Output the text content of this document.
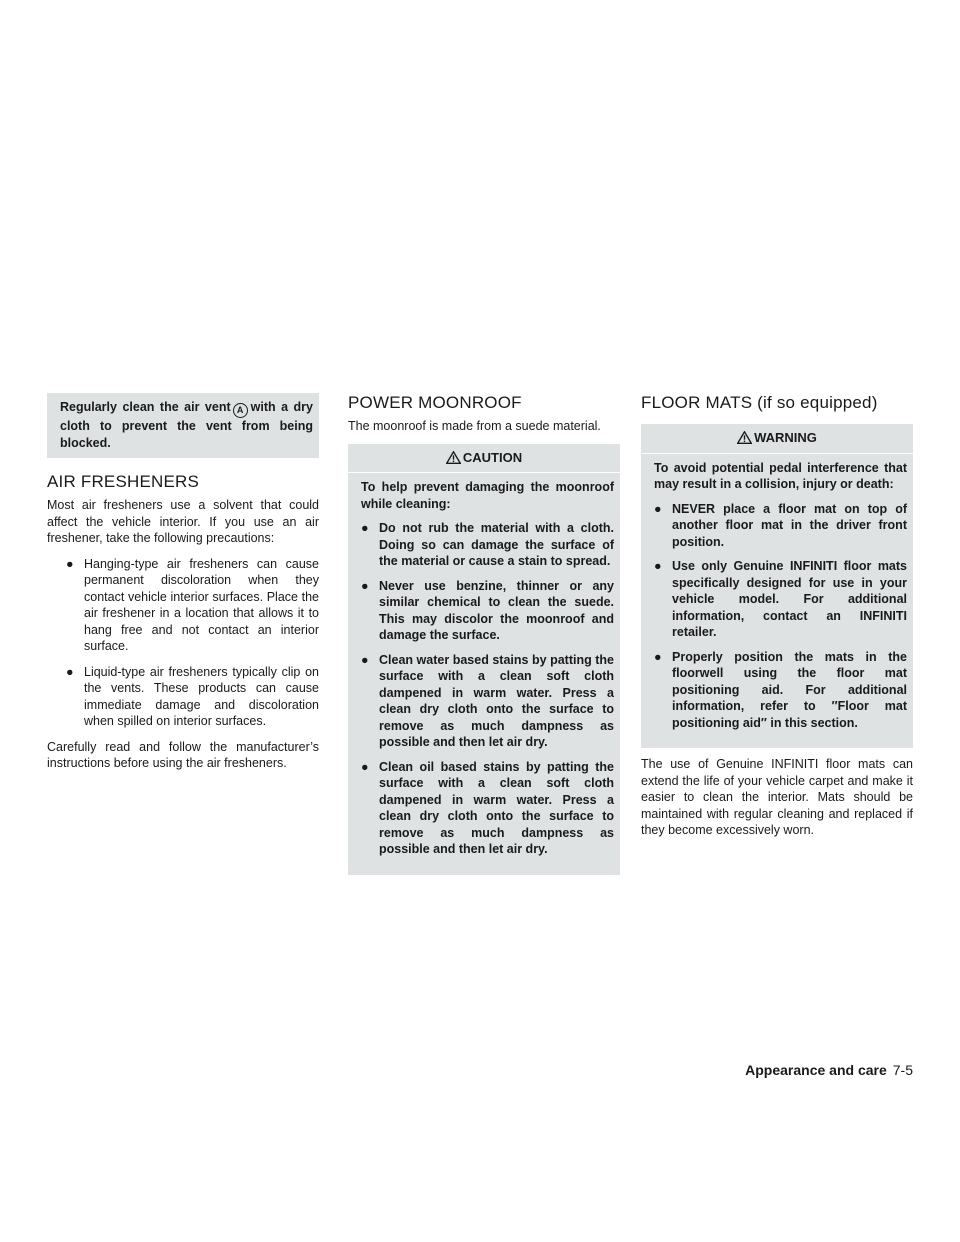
Regularly clean the air vent A with a dry cloth to prevent the vent from being blocked.
AIR FRESHENERS

Most air fresheners use a solvent that could affect the vehicle interior. If you use an air freshener, take the following precautions:

● Hanging-type air fresheners can cause permanent discoloration when they contact vehicle interior surfaces. Place the air freshener in a location that allows it to hang free and not contact an interior surface.
● Liquid-type air fresheners typically clip on the vents. These products can cause immediate damage and discoloration when spilled on interior surfaces.

Carefully read and follow the manufacturer’s instructions before using the air fresheners.

POWER MOONROOF

The moonroof is made from a suede material.

CAUTION

To help prevent damaging the moonroof while cleaning:

● Do not rub the material with a cloth. Doing so can damage the surface of the material or cause a stain to spread.
● Never use benzine, thinner or any similar chemical to clean the suede. This may discolor the moonroof and damage the surface.
● Clean water based stains by patting the surface with a clean soft cloth dampened in warm water. Press a clean dry cloth onto the surface to remove as much dampness as possible and then let air dry.
● Clean oil based stains by patting the surface with a clean soft cloth dampened in warm water. Press a clean dry cloth onto the surface to remove as much dampness as possible and then let air dry.
FLOOR MATS (if so equipped)
WARNING

To avoid potential pedal interference that may result in a collision, injury or death:

● NEVER place a floor mat on top of another floor mat in the driver front position.
● Use only Genuine INFINITI floor mats specifically designed for use in your vehicle model. For additional information, contact an INFINITI retailer.
● Properly position the mats in the floorwell using the floor mat positioning aid. For additional information, refer to ″Floor mat positioning aid″ in this section.

The use of Genuine INFINITI floor mats can extend the life of your vehicle carpet and make it easier to clean the interior. Mats should be maintained with regular cleaning and replaced if they become excessively worn.

Appearance and care 7-5
